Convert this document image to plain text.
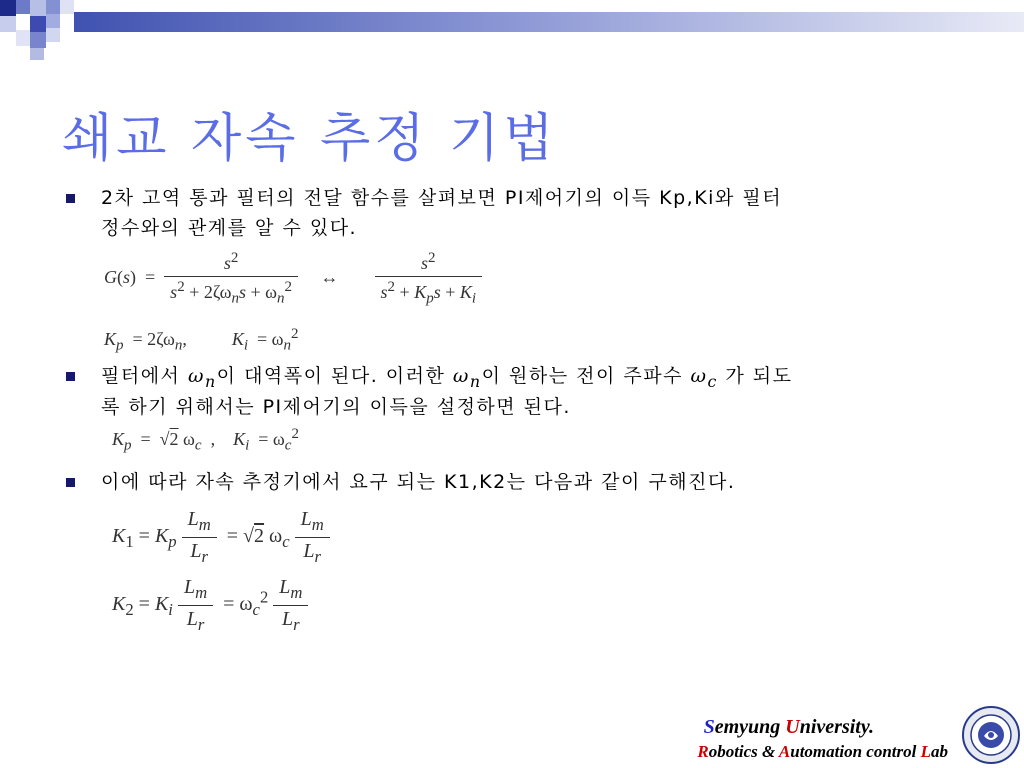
쇄교 자속 추정 기법
2차 고역 통과 필터의 전달 함수를 살펴보면 PI제어기의 이득 Kp,Ki와 필터
정수와의 관계를 알 수 있다.
$G(s) = \frac{s^2}{s^2 + 2\zeta\omega_ns + \omega_n^2}$ ↔ $\frac{s^2}{s^2 + K_ps + K_i}$
$K_p = 2\zeta\omega_n$,          $K_i = \omega_n^2$
필터에서 $\omega_n$이 대역폭이 된다. 이러한 $\omega_n$이 원하는 전이 주파수 $\omega_c$ 가 되도
록 하기 위해서는 PI제어기의 이득을 설정하면 된다.
$K_p = √2$ $\omega_c$  ,    $K_i = \omega_c^2$
이에 따라 자속 추정기에서 요구 되는 K1,K2는 다음과 같이 구해진다.
$K_1 = K_p \frac{L_m}{L_r} = √2$ $\omega_c \frac{L_m}{L_r}$
$K_2 = K_i \frac{L_m}{L_r} = \omega_c^2 \frac{L_m}{L_r}$
Semyung University.
Robotics & Automation control Lab
